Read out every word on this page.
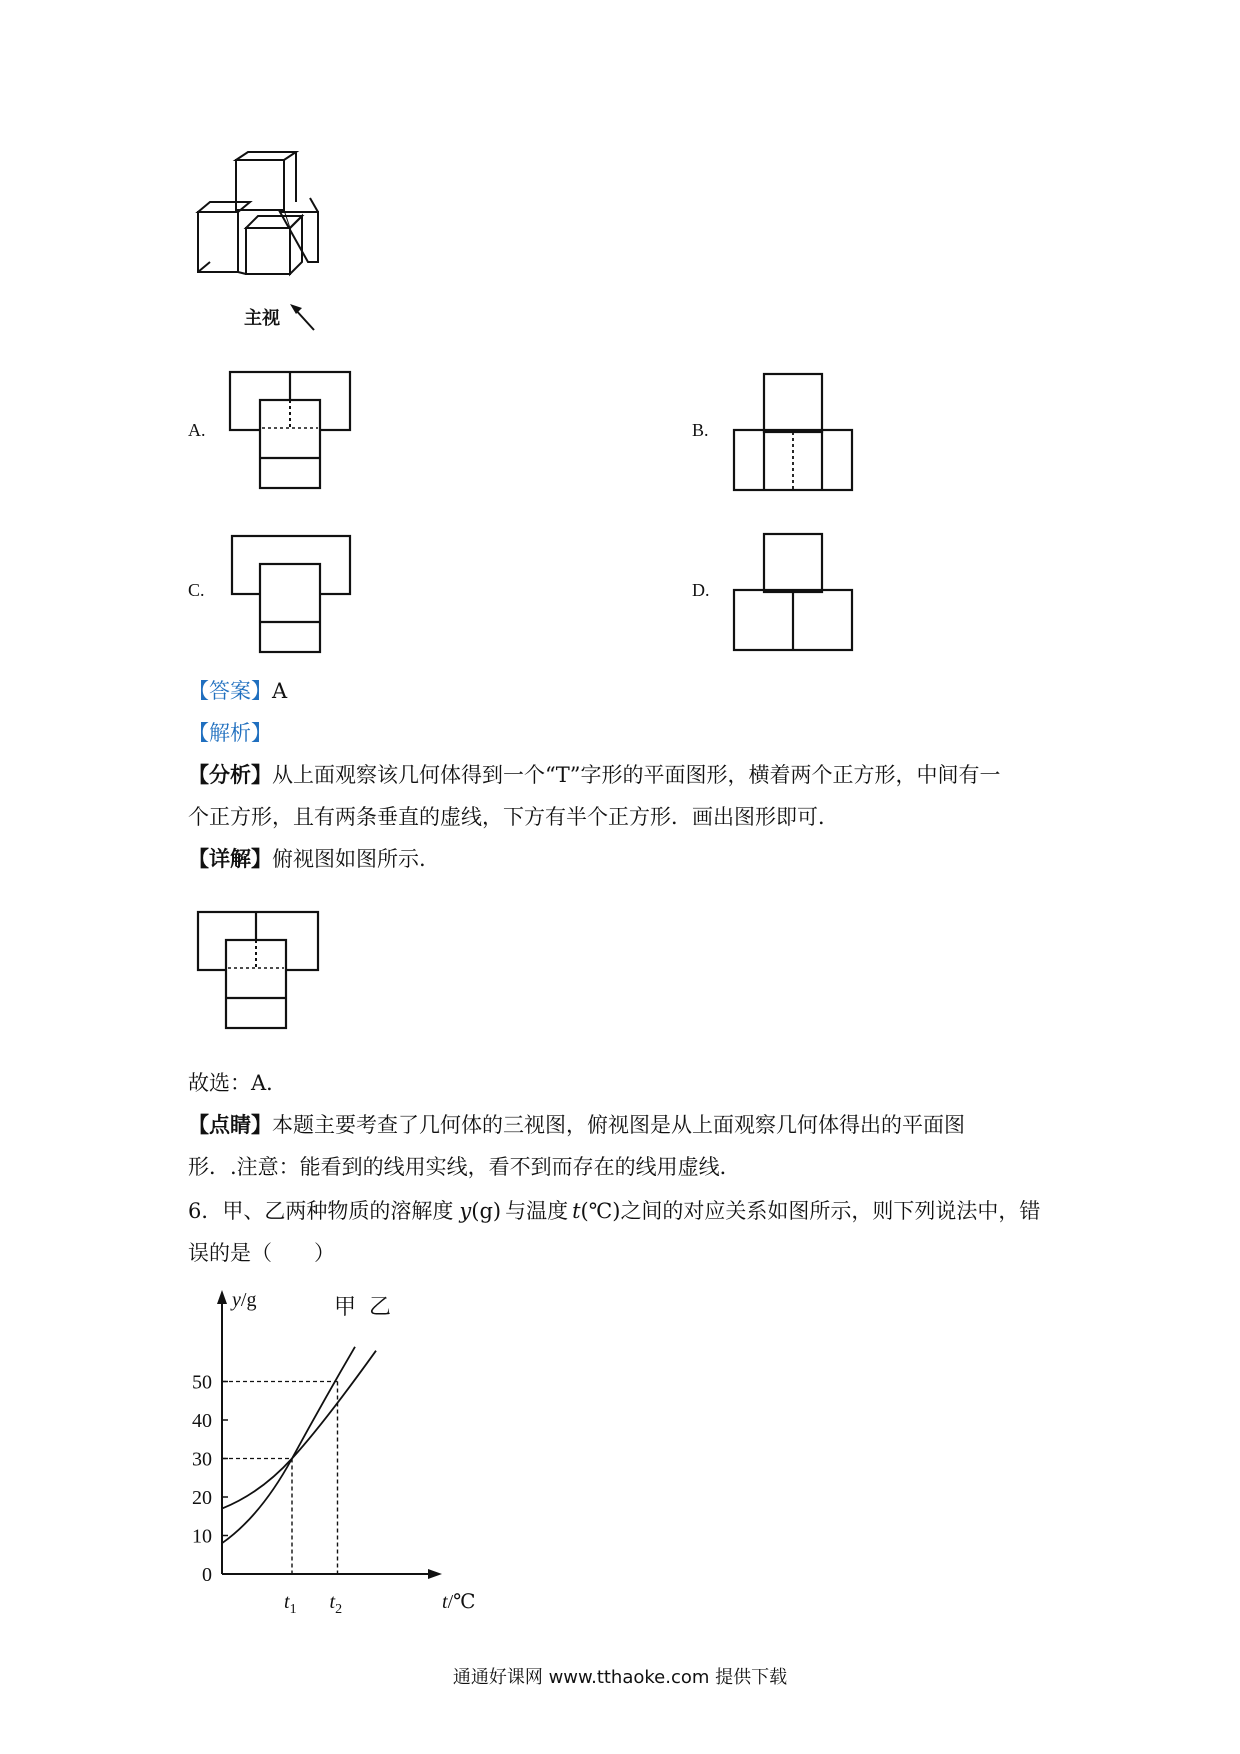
主视
A.	B.
C.	D.
【答案】A
【解析】
【分析】从上面观察该几何体得到一个“T”字形的平面图形，横着两个正方形，中间有一
个正方形，且有两条垂直的虚线，下方有半个正方形．画出图形即可．
【详解】俯视图如图所示.
故选：A．
【点睛】本题主要考查了几何体的三视图，俯视图是从上面观察几何体得出的平面图
形．.注意：能看到的线用实线，看不到而存在的线用虚线．
6．甲、乙两种物质的溶解度 y(g) 与温度 t(℃)之间的对应关系如图所示，则下列说法中，错
误的是（　　）
0
10
20
30
40
50
$t_1$ $t_2$	t/℃
y/g	甲 乙
通通好课网 www.tthaoke.com 提供下载
